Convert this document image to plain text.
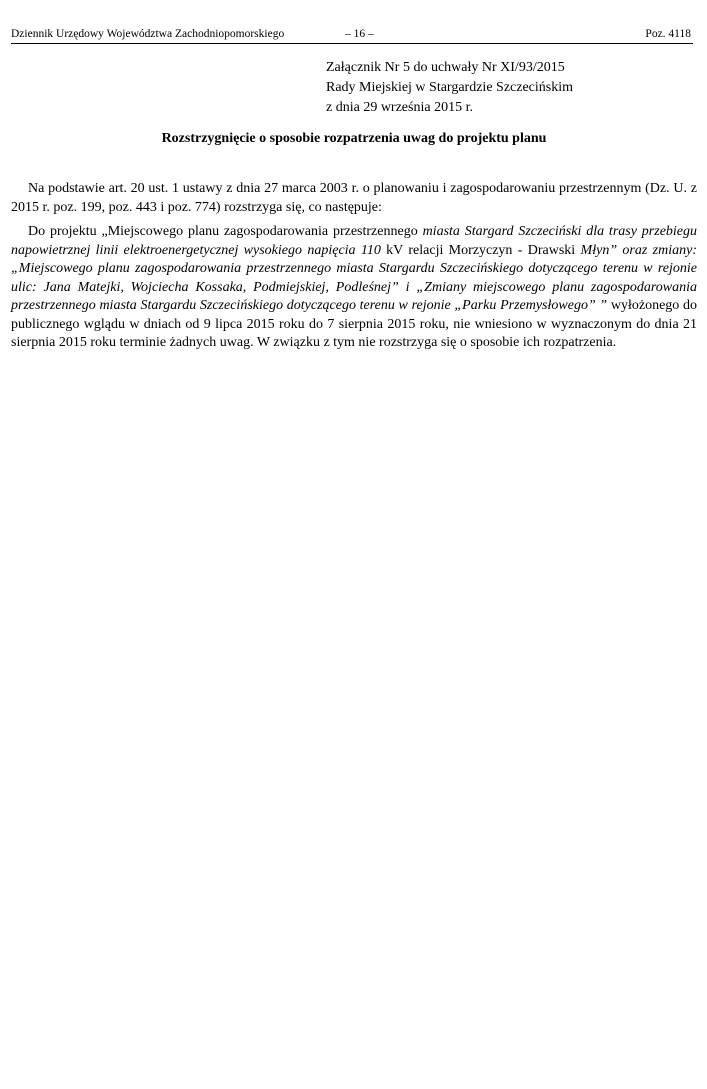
Dziennik Urzędowy Województwa Zachodniopomorskiego	– 16 –	Poz. 4118
Załącznik Nr 5 do uchwały Nr XI/93/2015
Rady Miejskiej w Stargardzie Szczecińskim
z dnia 29 września 2015 r.
Rozstrzygnięcie o sposobie rozpatrzenia uwag do projektu planu

Na podstawie art. 20 ust. 1 ustawy z dnia 27 marca 2003 r. o planowaniu i zagospodarowaniu przestrzennym (Dz. U. z 2015 r. poz. 199, poz. 443 i poz. 774) rozstrzyga się, co następuje:

Do projektu „Miejscowego planu zagospodarowania przestrzennego miasta Stargard Szczeciński dla trasy przebiegu napowietrznej linii elektroenergetycznej wysokiego napięcia 110 kV relacji Morzyczyn - Drawski Młyn” oraz zmiany: „Miejscowego planu zagospodarowania przestrzennego miasta Stargardu Szczecińskiego dotyczącego terenu w rejonie ulic: Jana Matejki, Wojciecha Kossaka, Podmiejskiej, Podleśnej” i „Zmiany miejscowego planu zagospodarowania przestrzennego miasta Stargardu Szczecińskiego dotyczącego terenu w rejonie „Parku Przemysłowego” ” wyłożonego do publicznego wglądu w dniach od 9 lipca 2015 roku do 7 sierpnia 2015 roku, nie wniesiono w wyznaczonym do dnia 21 sierpnia 2015 roku terminie żadnych uwag. W związku z tym nie rozstrzyga się o sposobie ich rozpatrzenia.
